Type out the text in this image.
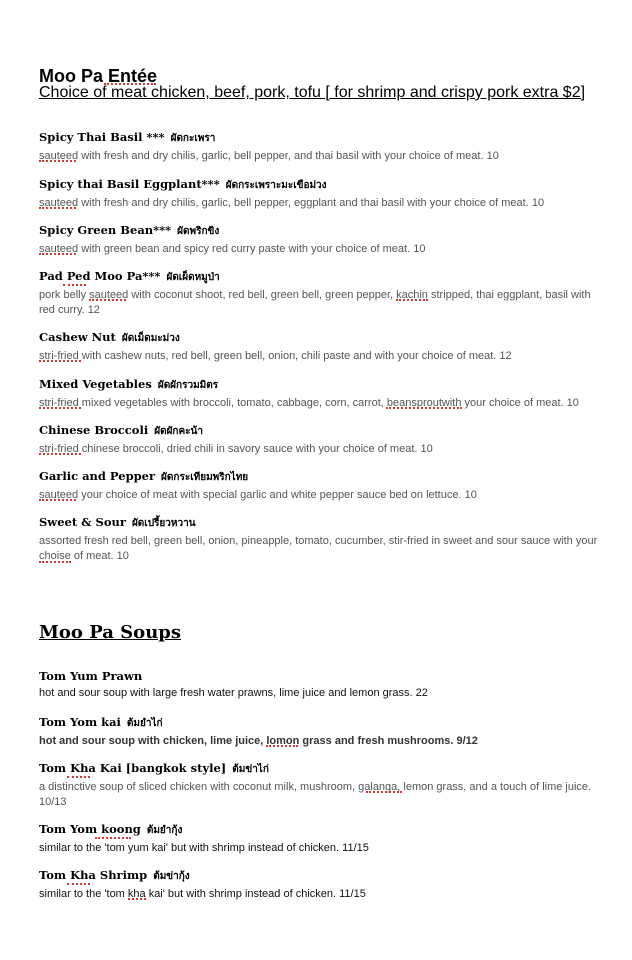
Moo Pa Entée
Choice of meat chicken, beef, pork, tofu [ for shrimp and crispy pork extra $2]
Spicy Thai Basil *** ผัดกะเพรา
sauteed with fresh and dry chilis, garlic, bell pepper, and thai basil with your choice of meat. 10
Spicy thai Basil Eggplant*** ผัดกระเพราะมะเขือม่วง
sauteed with fresh and dry chilis, garlic, bell pepper, eggplant and thai basil with your choice of meat. 10
Spicy Green Bean*** ผัดพริกขิง
sauteed with green bean and spicy red curry paste with your choice of meat. 10
Pad Ped Moo Pa*** ผัดเผ็ดหมูป่า
pork belly sauteed with coconut shoot, red bell, green bell, green pepper, kachin stripped, thai eggplant, basil with red curry. 12
Cashew Nut ผัดเม็ดมะม่วง
stri-fried with cashew nuts, red bell, green bell, onion, chili paste and with your choice of meat. 12
Mixed Vegetables ผัดผักรวมมิตร
stri-fried mixed vegetables with broccoli, tomato, cabbage, corn, carrot, beansproutwith your choice of meat. 10
Chinese Broccoli ผัดผักคะน้า
stri-fried chinese broccoli, dried chili in savory sauce with your choice of meat. 10
Garlic and Pepper ผัดกระเทียมพริกไทย
sauteed your choice of meat with special garlic and white pepper sauce bed on lettuce. 10
Sweet & Sour ผัดเปรี้ยวหวาน
assorted fresh red bell, green bell, onion, pineapple, tomato, cucumber, stir-fried in sweet and sour sauce with your choise of meat. 10
Moo Pa Soups
Tom Yum Prawn
hot and sour soup with large fresh water prawns, lime juice and lemon grass. 22
Tom Yom kai ต้มยำไก่
hot and sour soup with chicken, lime juice, lomon grass and fresh mushrooms. 9/12
Tom Kha Kai [bangkok style] ต้มข่าไก่
a distinctive soup of sliced chicken with coconut milk, mushroom, galanga, lemon grass, and a touch of lime juice. 10/13
Tom Yom koong ต้มยำกุ้ง
similar to the 'tom yum kai' but with shrimp instead of chicken. 11/15
Tom Kha Shrimp ต้มข่ากุ้ง
similar to the 'tom kha kai' but with shrimp instead of chicken. 11/15
